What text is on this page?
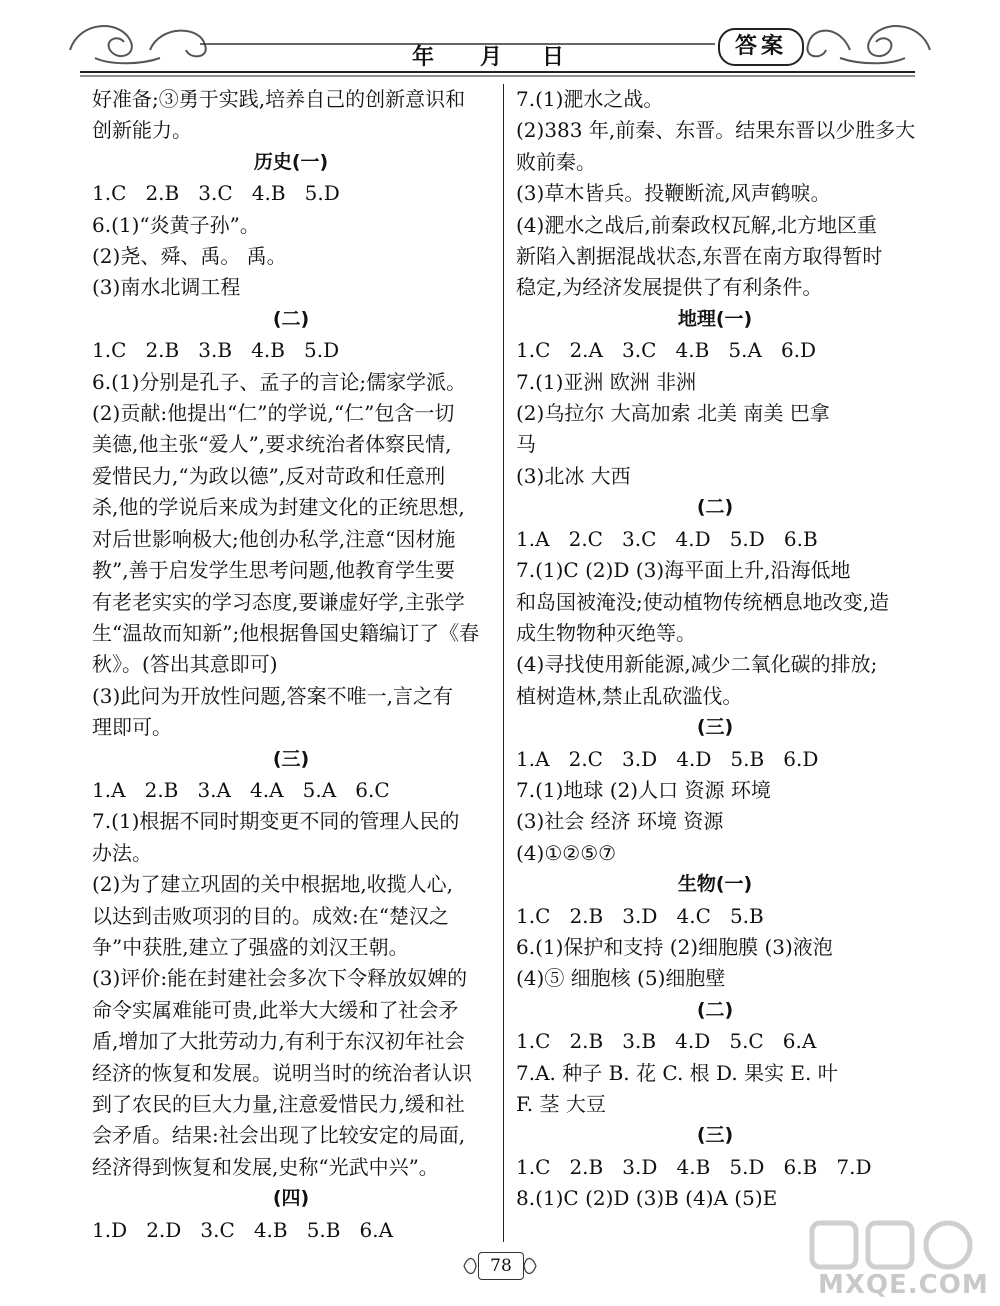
年 月 日	答案
好准备;③勇于实践,培养自己的创新意识和
创新能力。
历史(一)
1.C   2.B   3.C   4.B   5.D
6.(1)“炎黄子孙”。
(2)尧、舜、禹。 禹。
(3)南水北调工程
(二)
1.C   2.B   3.B   4.B   5.D
6.(1)分别是孔子、孟子的言论;儒家学派。
(2)贡献:他提出“仁”的学说,“仁”包含一切
美德,他主张“爱人”,要求统治者体察民情,
爱惜民力,“为政以德”,反对苛政和任意刑
杀,他的学说后来成为封建文化的正统思想,
对后世影响极大;他创办私学,注意“因材施
教”,善于启发学生思考问题,他教育学生要
有老老实实的学习态度,要谦虚好学,主张学
生“温故而知新”;他根据鲁国史籍编订了《春
秋》。(答出其意即可)
(3)此问为开放性问题,答案不唯一,言之有
理即可。
(三)
1.A   2.B   3.A   4.A   5.A   6.C
7.(1)根据不同时期变更不同的管理人民的
办法。
(2)为了建立巩固的关中根据地,收揽人心,
以达到击败项羽的目的。成效:在“楚汉之
争”中获胜,建立了强盛的刘汉王朝。
(3)评价:能在封建社会多次下令释放奴婢的
命令实属难能可贵,此举大大缓和了社会矛
盾,增加了大批劳动力,有利于东汉初年社会
经济的恢复和发展。说明当时的统治者认识
到了农民的巨大力量,注意爱惜民力,缓和社
会矛盾。结果:社会出现了比较安定的局面,
经济得到恢复和发展,史称“光武中兴”。
(四)
1.D   2.D   3.C   4.B   5.B   6.A
7.(1)淝水之战。
(2)383 年,前秦、东晋。结果东晋以少胜多大
败前秦。
(3)草木皆兵。投鞭断流,风声鹤唳。
(4)淝水之战后,前秦政权瓦解,北方地区重
新陷入割据混战状态,东晋在南方取得暂时
稳定,为经济发展提供了有利条件。
地理(一)
1.C   2.A   3.C   4.B   5.A   6.D
7.(1)亚洲 欧洲 非洲
(2)乌拉尔 大高加索 北美 南美 巴拿
马
(3)北冰 大西
(二)
1.A   2.C   3.C   4.D   5.D   6.B
7.(1)C (2)D (3)海平面上升,沿海低地
和岛国被淹没;使动植物传统栖息地改变,造
成生物物种灭绝等。
(4)寻找使用新能源,减少二氧化碳的排放;
植树造林,禁止乱砍滥伐。
(三)
1.A   2.C   3.D   4.D   5.B   6.D
7.(1)地球 (2)人口 资源 环境
(3)社会 经济 环境 资源
(4)①②⑤⑦
生物(一)
1.C   2.B   3.D   4.C   5.B
6.(1)保护和支持 (2)细胞膜 (3)液泡
(4)⑤ 细胞核 (5)细胞壁
(二)
1.C   2.B   3.B   4.D   5.C   6.A
7.A. 种子 B. 花 C. 根 D. 果实 E. 叶
F. 茎 大豆
(三)
1.C   2.B   3.D   4.B   5.D   6.B   7.D
8.(1)C (2)D (3)B (4)A (5)E
78
MXQE.COM
